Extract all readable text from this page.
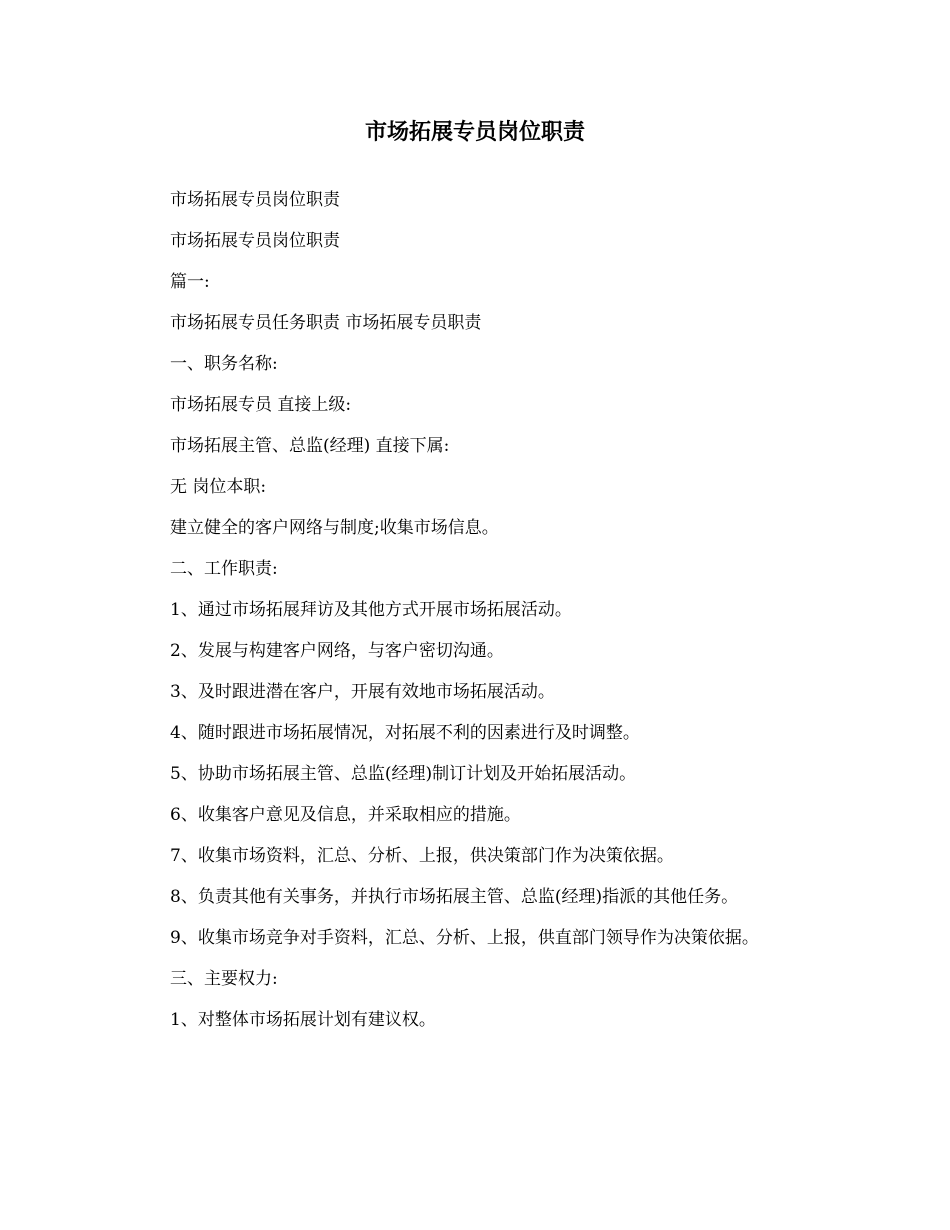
市场拓展专员岗位职责

市场拓展专员岗位职责

市场拓展专员岗位职责

篇一:

市场拓展专员任务职责 市场拓展专员职责

一、职务名称:

市场拓展专员 直接上级:

市场拓展主管、总监(经理) 直接下属:

无 岗位本职:

建立健全的客户网络与制度;收集市场信息。

二、工作职责:

1、通过市场拓展拜访及其他方式开展市场拓展活动。

2、发展与构建客户网络，与客户密切沟通。

3、及时跟进潜在客户，开展有效地市场拓展活动。

4、随时跟进市场拓展情况，对拓展不利的因素进行及时调整。

5、协助市场拓展主管、总监(经理)制订计划及开始拓展活动。

6、收集客户意见及信息，并采取相应的措施。

7、收集市场资料，汇总、分析、上报，供决策部门作为决策依据。

8、负责其他有关事务，并执行市场拓展主管、总监(经理)指派的其他任务。

9、收集市场竞争对手资料，汇总、分析、上报，供直部门领导作为决策依据。

三、主要权力:

1、对整体市场拓展计划有建议权。
